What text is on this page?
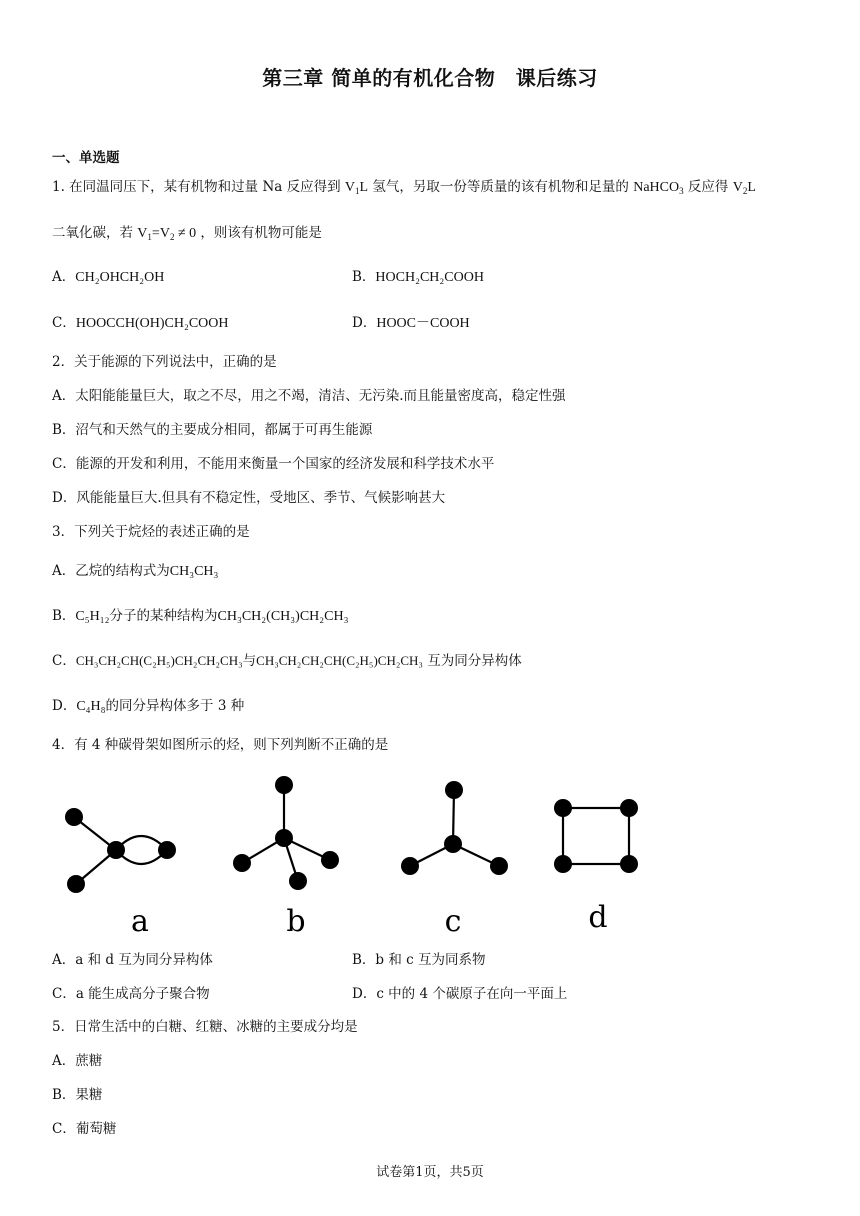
第三章 简单的有机化合物　课后练习
一、单选题
1. 在同温同压下，某有机物和过量 Na 反应得到 $V_1L$ 氢气，另取一份等质量的该有机物和足量的 NaHCO$_3$ 反应得 $V_2L$
二氧化碳，若 $V_1=V_2 \ne 0$ ，则该有机物可能是
A．CH₂OHCH₂OH	B．HOCH₂CH₂COOH
C．HOOCCH(OH)CH₂COOH	D．HOOC－COOH
2．关于能源的下列说法中，正确的是
A．太阳能能量巨大，取之不尽，用之不竭，清洁、无污染.而且能量密度高，稳定性强
B．沼气和天然气的主要成分相同，都属于可再生能源
C．能源的开发和利用，不能用来衡量一个国家的经济发展和科学技术水平
D．风能能量巨大.但具有不稳定性，受地区、季节、气候影响甚大
3．下列关于烷烃的表述正确的是
A．乙烷的结构式为CH₃CH₃
B．C₅H₁₂分子的某种结构为CH₃CH₂(CH₃)CH₂CH₃
C．CH₃CH₂CH(C₂H₅)CH₂CH₂CH₃与CH₃CH₂CH₂CH(C₂H₅)CH₂CH₃ 互为同分异构体
D．C₄H₈的同分异构体多于 3 种
4．有 4 种碳骨架如图所示的烃，则下列判断不正确的是
a	b	c	d
A．a 和 d 互为同分异构体	B．b 和 c 互为同系物
C．a 能生成高分子聚合物	D．c 中的 4 个碳原子在向一平面上
5．日常生活中的白糖、红糖、冰糖的主要成分均是
A．蔗糖
B．果糖
C．葡萄糖
试卷第1页，共5页
